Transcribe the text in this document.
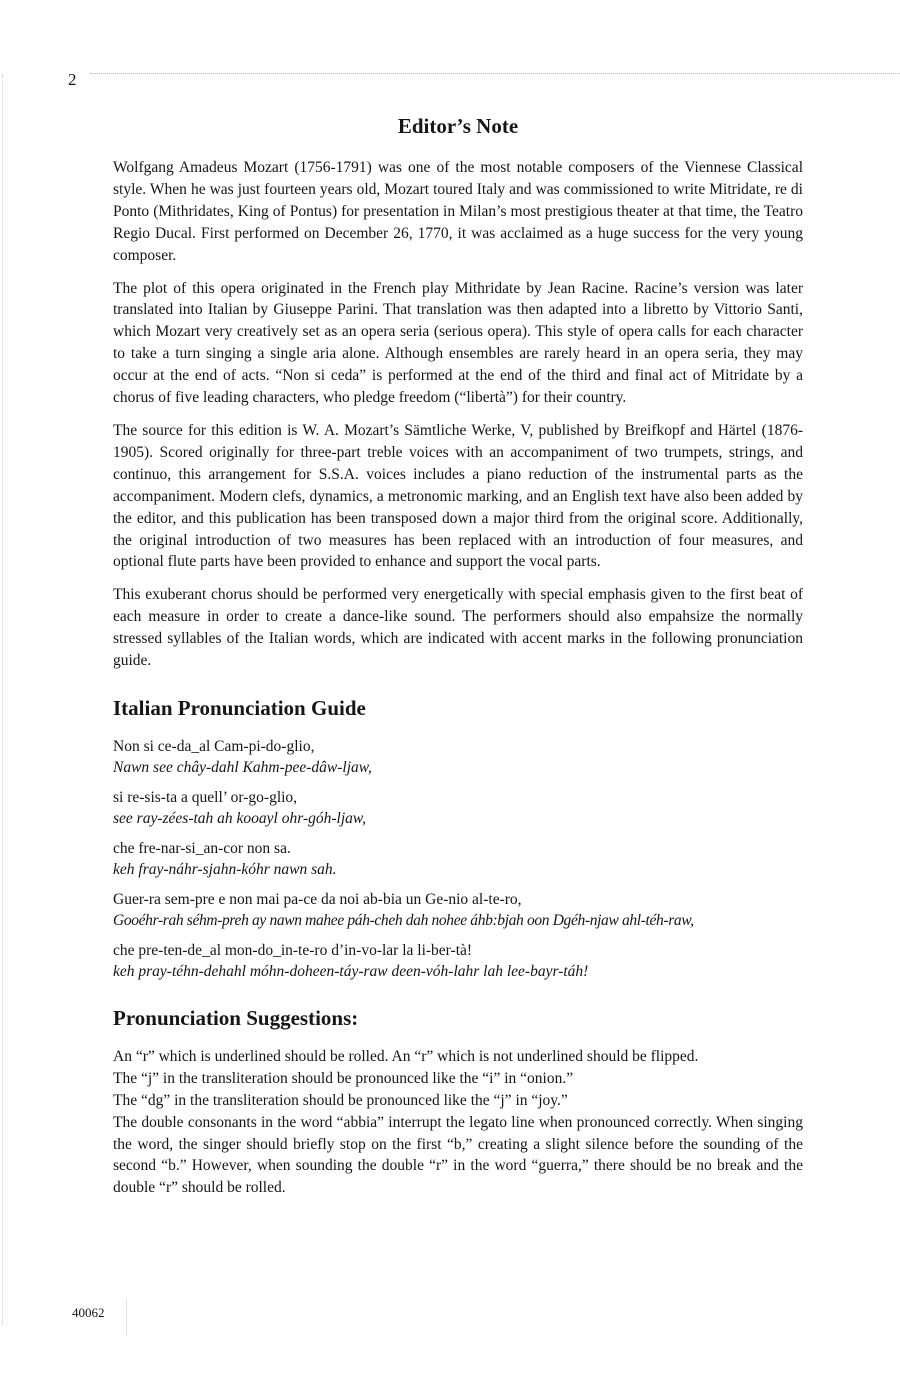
2
Editor’s Note

Wolfgang Amadeus Mozart (1756-1791) was one of the most notable composers of the Viennese Classical style. When he was just fourteen years old, Mozart toured Italy and was commissioned to write Mitridate, re di Ponto (Mithridates, King of Pontus) for presentation in Milan’s most prestigious theater at that time, the Teatro Regio Ducal. First performed on December 26, 1770, it was acclaimed as a huge success for the very young composer.

The plot of this opera originated in the French play Mithridate by Jean Racine. Racine’s version was later translated into Italian by Giuseppe Parini. That translation was then adapted into a libretto by Vittorio Santi, which Mozart very creatively set as an opera seria (serious opera). This style of opera calls for each character to take a turn singing a single aria alone. Although ensembles are rarely heard in an opera seria, they may occur at the end of acts. “Non si ceda” is performed at the end of the third and final act of Mitridate by a chorus of five leading characters, who pledge freedom (“libertà”) for their country.

The source for this edition is W. A. Mozart’s Sämtliche Werke, V, published by Breifkopf and Härtel (1876-1905). Scored originally for three-part treble voices with an accompaniment of two trumpets, strings, and continuo, this arrangement for S.S.A. voices includes a piano reduction of the instrumental parts as the accompaniment. Modern clefs, dynamics, a metronomic marking, and an English text have also been added by the editor, and this publication has been transposed down a major third from the original score. Additionally, the original introduction of two measures has been replaced with an introduction of four measures, and optional flute parts have been provided to enhance and support the vocal parts.

This exuberant chorus should be performed very energetically with special emphasis given to the first beat of each measure in order to create a dance-like sound. The performers should also empahsize the normally stressed syllables of the Italian words, which are indicated with accent marks in the following pronunciation guide.

Italian Pronunciation Guide
Non si ce-da_al Cam-pi-do-glio,
Nawn see chây-dahl Kahm-pee-dâw-ljaw,
si re-sis-ta a quell’ or-go-glio,
see ray-zées-tah ah kooayl ohr-góh-ljaw,
che fre-nar-si_an-cor non sa.
keh fray-náhr-sjahn-kóhr nawn sah.
Guer-ra sem-pre e non mai pa-ce da noi ab-bia un Ge-nio al-te-ro,
Gooéhr-rah séhm-preh ay nawn mahee páh-cheh dah nohee áhb:bjah oon Dgéh-njaw ahl-téh-raw,
che pre-ten-de_al mon-do_in-te-ro d’in-vo-lar la li-ber-tà!
keh pray-téhn-dehahl móhn-doheen-táy-raw deen-vóh-lahr lah lee-bayr-táh!
Pronunciation Suggestions:

An “r” which is underlined should be rolled. An “r” which is not underlined should be flipped.

The “j” in the transliteration should be pronounced like the “i” in “onion.”

The “dg” in the transliteration should be pronounced like the “j” in “joy.”

The double consonants in the word “abbia” interrupt the legato line when pronounced correctly. When singing the word, the singer should briefly stop on the first “b,” creating a slight silence before the sounding of the second “b.” However, when sounding the double “r” in the word “guerra,” there should be no break and the double “r” should be rolled.

40062
